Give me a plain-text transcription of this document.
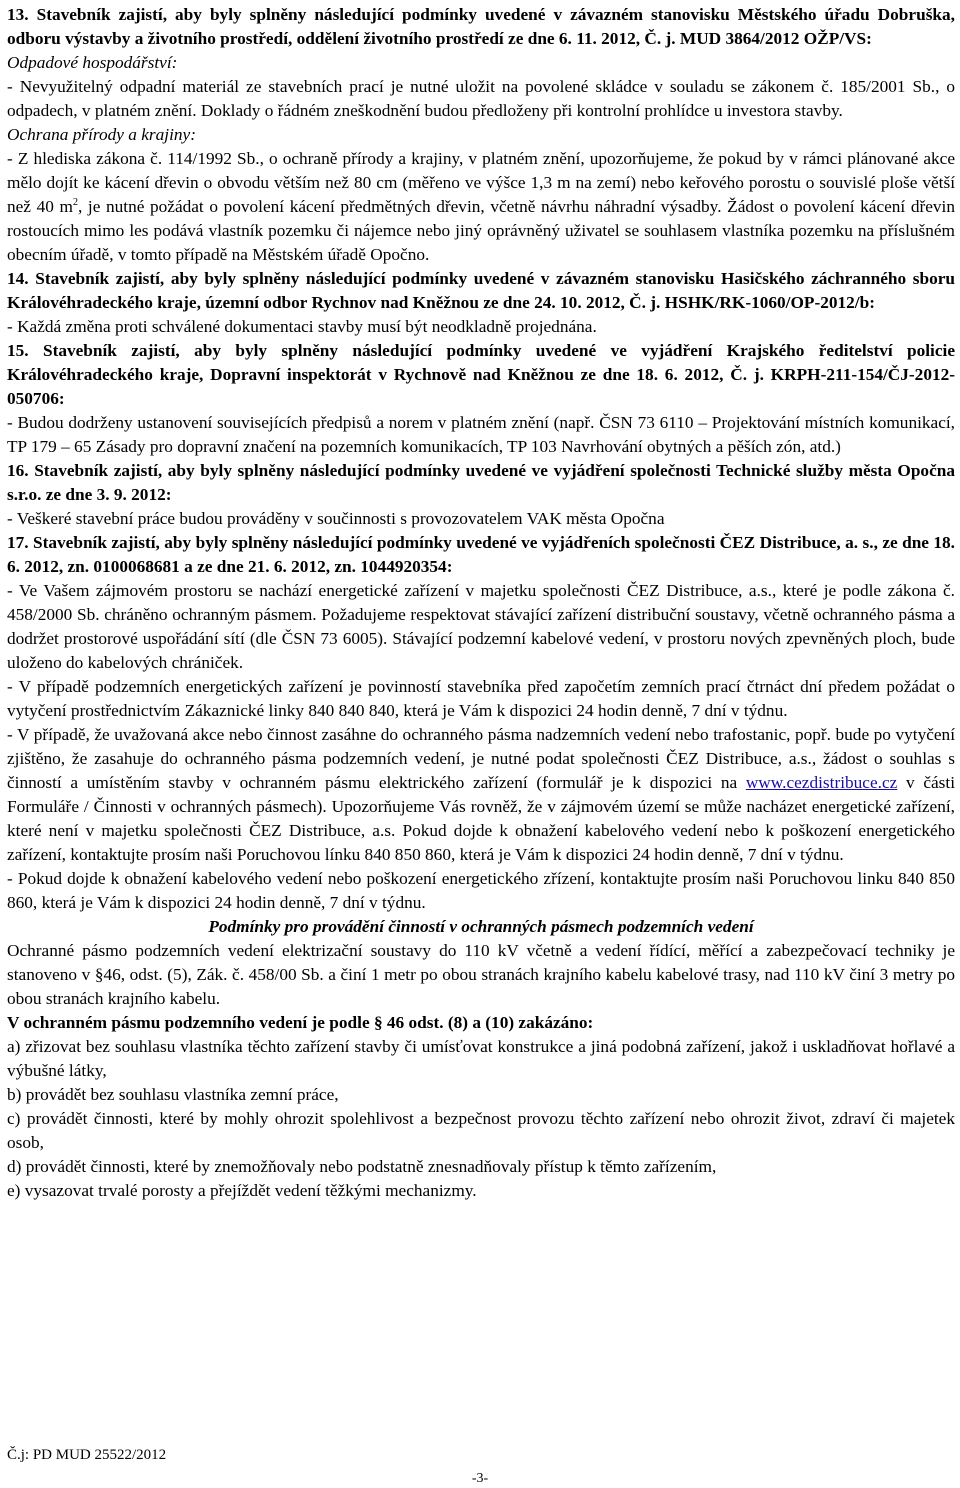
13. Stavebník zajistí, aby byly splněny následující podmínky uvedené v závazném stanovisku Městského úřadu Dobruška, odboru výstavby a životního prostředí, oddělení životního prostředí ze dne 6. 11. 2012, Č. j. MUD 3864/2012 OŽP/VS:

Odpadové hospodářství:

- Nevyužitelný odpadní materiál ze stavebních prací je nutné uložit na povolené skládce v souladu se zákonem č. 185/2001 Sb., o odpadech, v platném znění. Doklady o řádném zneškodnění budou předloženy při kontrolní prohlídce u investora stavby.

Ochrana přírody a krajiny:

- Z hlediska zákona č. 114/1992 Sb., o ochraně přírody a krajiny, v platném znění, upozorňujeme, že pokud by v rámci plánované akce mělo dojít ke kácení dřevin o obvodu větším než 80 cm (měřeno ve výšce 1,3 m na zemí) nebo keřového porostu o souvislé ploše větší než 40 $m^2$, je nutné požádat o povolení kácení předmětných dřevin, včetně návrhu náhradní výsadby. Žádost o povolení kácení dřevin rostoucích mimo les podává vlastník pozemku či nájemce nebo jiný oprávněný uživatel se souhlasem vlastníka pozemku na příslušném obecním úřadě, v tomto případě na Městském úřadě Opočno.

14. Stavebník zajistí, aby byly splněny následující podmínky uvedené v závazném stanovisku Hasičského záchranného sboru Královéhradeckého kraje, územní odbor Rychnov nad Kněžnou ze dne 24. 10. 2012, Č. j. HSHK/RK-1060/OP-2012/b:

- Každá změna proti schválené dokumentaci stavby musí být neodkladně projednána.

15. Stavebník zajistí, aby byly splněny následující podmínky uvedené ve vyjádření Krajského ředitelství policie Královéhradeckého kraje, Dopravní inspektorát v Rychnově nad Kněžnou ze dne 18. 6. 2012, Č. j. KRPH-211-154/ČJ-2012-050706:

- Budou dodrženy ustanovení souvisejících předpisů a norem v platném znění (např. ČSN 73 6110 – Projektování místních komunikací, TP 179 – 65 Zásady pro dopravní značení na pozemních komunikacích, TP 103 Navrhování obytných a pěších zón, atd.)

16. Stavebník zajistí, aby byly splněny následující podmínky uvedené ve vyjádření společnosti Technické služby města Opočna s.r.o. ze dne 3. 9. 2012:

- Veškeré stavební práce budou prováděny v součinnosti s provozovatelem VAK města Opočna

17. Stavebník zajistí, aby byly splněny následující podmínky uvedené ve vyjádřeních společnosti ČEZ Distribuce, a. s., ze dne 18. 6. 2012, zn. 0100068681 a ze dne 21. 6. 2012, zn. 1044920354:

- Ve Vašem zájmovém prostoru se nachází energetické zařízení v majetku společnosti ČEZ Distribuce, a.s., které je podle zákona č. 458/2000 Sb. chráněno ochranným pásmem. Požadujeme respektovat stávající zařízení distribuční soustavy, včetně ochranného pásma a dodržet prostorové uspořádání sítí (dle ČSN 73 6005). Stávající podzemní kabelové vedení, v prostoru nových zpevněných ploch, bude uloženo do kabelových chrániček.

- V případě podzemních energetických zařízení je povinností stavebníka před započetím zemních prací čtrnáct dní předem požádat o vytyčení prostřednictvím Zákaznické linky 840 840 840, která je Vám k dispozici 24 hodin denně, 7 dní v týdnu.

- V případě, že uvažovaná akce nebo činnost zasáhne do ochranného pásma nadzemních vedení nebo trafostanic, popř. bude po vytyčení zjištěno, že zasahuje do ochranného pásma podzemních vedení, je nutné podat společnosti ČEZ Distribuce, a.s., žádost o souhlas s činností a umístěním stavby v ochranném pásmu elektrického zařízení (formulář je k dispozici na www.cezdistribuce.cz v části Formuláře / Činnosti v ochranných pásmech). Upozorňujeme Vás rovněž, že v zájmovém území se může nacházet energetické zařízení, které není v majetku společnosti ČEZ Distribuce, a.s. Pokud dojde k obnažení kabelového vedení nebo k poškození energetického zařízení, kontaktujte prosím naši Poruchovou línku 840 850 860, která je Vám k dispozici 24 hodin denně, 7 dní v týdnu.

- Pokud dojde k obnažení kabelového vedení nebo poškození energetického zřízení, kontaktujte prosím naši Poruchovou linku 840 850 860, která je Vám k dispozici 24 hodin denně, 7 dní v týdnu.

Podmínky pro provádění činností v ochranných pásmech podzemních vedení

Ochranné pásmo podzemních vedení elektrizační soustavy do 110 kV včetně a vedení řídící, měřící a zabezpečovací techniky je stanoveno v §46, odst. (5), Zák. č. 458/00 Sb. a činí 1 metr po obou stranách krajního kabelu kabelové trasy, nad 110 kV činí 3 metry po obou stranách krajního kabelu.

V ochranném pásmu podzemního vedení je podle § 46 odst. (8) a (10) zakázáno:

a) zřizovat bez souhlasu vlastníka těchto zařízení stavby či umísťovat konstrukce a jiná podobná zařízení, jakož i uskladňovat hořlavé a výbušné látky,

b) provádět bez souhlasu vlastníka zemní práce,

c) provádět činnosti, které by mohly ohrozit spolehlivost a bezpečnost provozu těchto zařízení nebo ohrozit život, zdraví či majetek osob,

d) provádět činnosti, které by znemožňovaly nebo podstatně znesnadňovaly přístup k těmto zařízením,

e) vysazovat trvalé porosty a přejíždět vedení těžkými mechanizmy.

Č.j: PD MUD 25522/2012
-3-
